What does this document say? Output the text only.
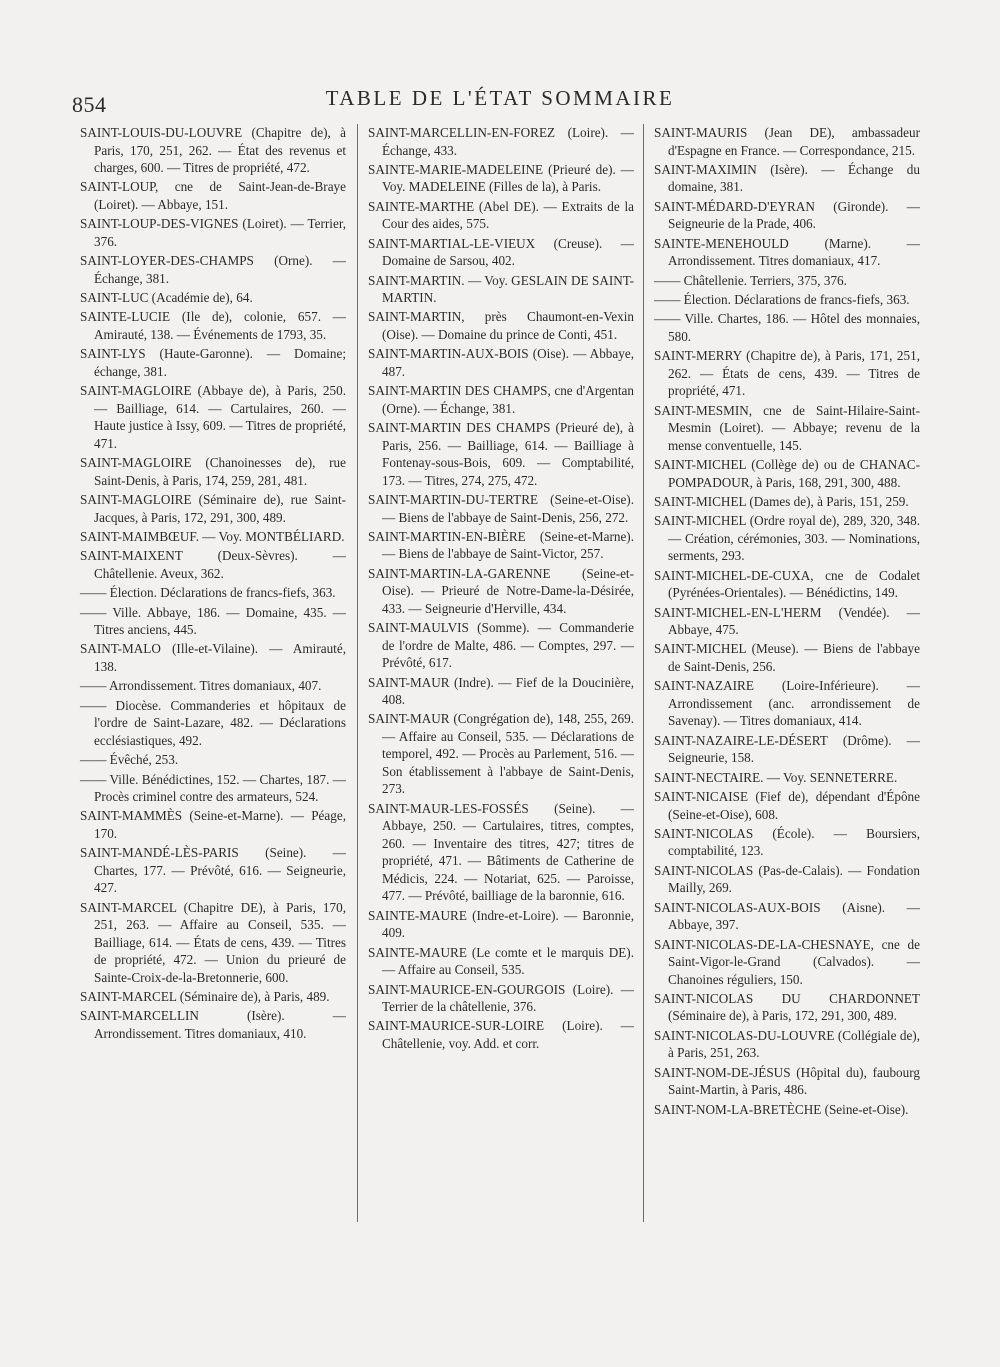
854	TABLE DE L'ÉTAT SOMMAIRE
SAINT-LOUIS-DU-LOUVRE (Chapitre de), à Paris, 170, 251, 262. — État des revenus et charges, 600. — Titres de propriété, 472.
SAINT-LOUP, cne de Saint-Jean-de-Braye (Loiret). — Abbaye, 151.
SAINT-LOUP-DES-VIGNES (Loiret). — Terrier, 376.
SAINT-LOYER-DES-CHAMPS (Orne). — Échange, 381.
SAINT-LUC (Académie de), 64.
SAINTE-LUCIE (Ile de), colonie, 657. — Amirauté, 138. — Événements de 1793, 35.
SAINT-LYS (Haute-Garonne). — Domaine; échange, 381.
SAINT-MAGLOIRE (Abbaye de), à Paris, 250. — Bailliage, 614. — Cartulaires, 260. — Haute justice à Issy, 609. — Titres de propriété, 471.
SAINT-MAGLOIRE (Chanoinesses de), rue Saint-Denis, à Paris, 174, 259, 281, 481.
SAINT-MAGLOIRE (Séminaire de), rue Saint-Jacques, à Paris, 172, 291, 300, 489.
SAINT-MAIMBŒUF. — Voy. MONTBÉLIARD.
SAINT-MAIXENT (Deux-Sèvres). — Châtellenie. Aveux, 362.
—— Élection. Déclarations de francs-fiefs, 363.
—— Ville. Abbaye, 186. — Domaine, 435. — Titres anciens, 445.
SAINT-MALO (Ille-et-Vilaine). — Amirauté, 138.
—— Arrondissement. Titres domaniaux, 407.
—— Diocèse. Commanderies et hôpitaux de l'ordre de Saint-Lazare, 482. — Déclarations ecclésiastiques, 492.
—— Évêché, 253.
—— Ville. Bénédictines, 152. — Chartes, 187. — Procès criminel contre des armateurs, 524.
SAINT-MAMMÈS (Seine-et-Marne). — Péage, 170.
SAINT-MANDÉ-LÈS-PARIS (Seine). — Chartes, 177. — Prévôté, 616. — Seigneurie, 427.
SAINT-MARCEL (Chapitre DE), à Paris, 170, 251, 263. — Affaire au Conseil, 535. — Bailliage, 614. — États de cens, 439. — Titres de propriété, 472. — Union du prieuré de Sainte-Croix-de-la-Bretonnerie, 600.
SAINT-MARCEL (Séminaire de), à Paris, 489.
SAINT-MARCELLIN (Isère). — Arrondissement. Titres domaniaux, 410.
SAINT-MARCELLIN-EN-FOREZ (Loire). — Échange, 433.
SAINTE-MARIE-MADELEINE (Prieuré de). — Voy. MADELEINE (Filles de la), à Paris.
SAINTE-MARTHE (Abel DE). — Extraits de la Cour des aides, 575.
SAINT-MARTIAL-LE-VIEUX (Creuse). — Domaine de Sarsou, 402.
SAINT-MARTIN. — Voy. GESLAIN DE SAINT-MARTIN.
SAINT-MARTIN, près Chaumont-en-Vexin (Oise). — Domaine du prince de Conti, 451.
SAINT-MARTIN-AUX-BOIS (Oise). — Abbaye, 487.
SAINT-MARTIN DES CHAMPS, cne d'Argentan (Orne). — Échange, 381.
SAINT-MARTIN DES CHAMPS (Prieuré de), à Paris, 256. — Bailliage, 614. — Bailliage à Fontenay-sous-Bois, 609. — Comptabilité, 173. — Titres, 274, 275, 472.
SAINT-MARTIN-DU-TERTRE (Seine-et-Oise). — Biens de l'abbaye de Saint-Denis, 256, 272.
SAINT-MARTIN-EN-BIÈRE (Seine-et-Marne). — Biens de l'abbaye de Saint-Victor, 257.
SAINT-MARTIN-LA-GARENNE (Seine-et-Oise). — Prieuré de Notre-Dame-la-Désirée, 433. — Seigneurie d'Herville, 434.
SAINT-MAULVIS (Somme). — Commanderie de l'ordre de Malte, 486. — Comptes, 297. — Prévôté, 617.
SAINT-MAUR (Indre). — Fief de la Doucinière, 408.
SAINT-MAUR (Congrégation de), 148, 255, 269. — Affaire au Conseil, 535. — Déclarations de temporel, 492. — Procès au Parlement, 516. — Son établissement à l'abbaye de Saint-Denis, 273.
SAINT-MAUR-LES-FOSSÉS (Seine). — Abbaye, 250. — Cartulaires, titres, comptes, 260. — Inventaire des titres, 427; titres de propriété, 471. — Bâtiments de Catherine de Médicis, 224. — Notariat, 625. — Paroisse, 477. — Prévôté, bailliage de la baronnie, 616.
SAINTE-MAURE (Indre-et-Loire). — Baronnie, 409.
SAINTE-MAURE (Le comte et le marquis DE). — Affaire au Conseil, 535.
SAINT-MAURICE-EN-GOURGOIS (Loire). — Terrier de la châtellenie, 376.
SAINT-MAURICE-SUR-LOIRE (Loire). — Châtellenie, voy. Add. et corr.
SAINT-MAURIS (Jean DE), ambassadeur d'Espagne en France. — Correspondance, 215.
SAINT-MAXIMIN (Isère). — Échange du domaine, 381.
SAINT-MÉDARD-D'EYRAN (Gironde). — Seigneurie de la Prade, 406.
SAINTE-MENEHOULD (Marne). — Arrondissement. Titres domaniaux, 417.
—— Châtellenie. Terriers, 375, 376.
—— Élection. Déclarations de francs-fiefs, 363.
—— Ville. Chartes, 186. — Hôtel des monnaies, 580.
SAINT-MERRY (Chapitre de), à Paris, 171, 251, 262. — États de cens, 439. — Titres de propriété, 471.
SAINT-MESMIN, cne de Saint-Hilaire-Saint-Mesmin (Loiret). — Abbaye; revenu de la mense conventuelle, 145.
SAINT-MICHEL (Collège de) ou de CHANAC-POMPADOUR, à Paris, 168, 291, 300, 488.
SAINT-MICHEL (Dames de), à Paris, 151, 259.
SAINT-MICHEL (Ordre royal de), 289, 320, 348. — Création, cérémonies, 303. — Nominations, serments, 293.
SAINT-MICHEL-DE-CUXA, cne de Codalet (Pyrénées-Orientales). — Bénédictins, 149.
SAINT-MICHEL-EN-L'HERM (Vendée). — Abbaye, 475.
SAINT-MICHEL (Meuse). — Biens de l'abbaye de Saint-Denis, 256.
SAINT-NAZAIRE (Loire-Inférieure). — Arrondissement (anc. arrondissement de Savenay). — Titres domaniaux, 414.
SAINT-NAZAIRE-LE-DÉSERT (Drôme). — Seigneurie, 158.
SAINT-NECTAIRE. — Voy. SENNETERRE.
SAINT-NICAISE (Fief de), dépendant d'Épône (Seine-et-Oise), 608.
SAINT-NICOLAS (École). — Boursiers, comptabilité, 123.
SAINT-NICOLAS (Pas-de-Calais). — Fondation Mailly, 269.
SAINT-NICOLAS-AUX-BOIS (Aisne). — Abbaye, 397.
SAINT-NICOLAS-DE-LA-CHESNAYE, cne de Saint-Vigor-le-Grand (Calvados). — Chanoines réguliers, 150.
SAINT-NICOLAS DU CHARDONNET (Séminaire de), à Paris, 172, 291, 300, 489.
SAINT-NICOLAS-DU-LOUVRE (Collégiale de), à Paris, 251, 263.
SAINT-NOM-DE-JÉSUS (Hôpital du), faubourg Saint-Martin, à Paris, 486.
SAINT-NOM-LA-BRETÈCHE (Seine-et-Oise).
